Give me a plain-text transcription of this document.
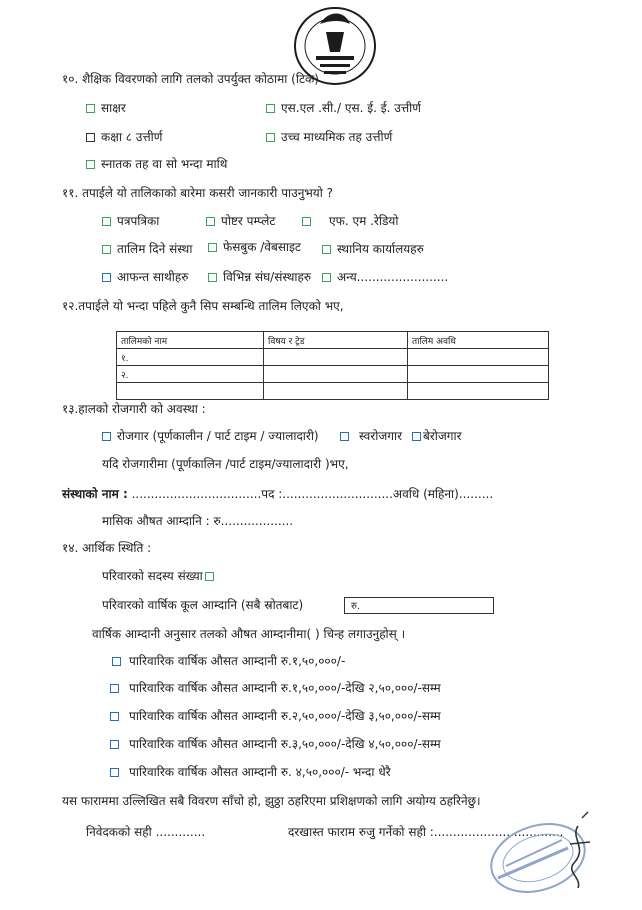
१०. शैक्षिक विवरणको लागि तलको उपर्युक्त कोठामा (टिक)
साक्षर	एस.एल .सी./ एस. ई. ई. उत्तीर्ण
कक्षा ८ उत्तीर्ण	उच्च माध्यमिक तह उत्तीर्ण
स्नातक तह वा सो भन्दा माथि
११. तपाईले यो तालिकाको बारेमा कसरी जानकारी पाउनुभयो ?
पत्रपत्रिका	पोष्टर पम्प्लेट	एफ. एम .रेडियो
तालिम दिने संस्था	फेसबुक /वेबसाइट	स्थानिय कार्यालयहरु
आफन्त साथीहरु	विभिन्न संघ/संस्थाहरु	अन्य........................
१२.तपाईले यो भन्दा पहिले कुनै सिप सम्बन्धि तालिम लिएको भए,
तालिमको नाम	विषय र ट्रेड	तालिम अवधि
१.		
२.		

१३.हालको रोजगारी को अवस्था :
रोजगार (पूर्णकालीन / पार्ट टाइम / ज्यालादारी)	स्वरोजगार	बेरोजगार
यदि रोजगारीमा (पूर्णकालिन /पार्ट टाइम/ज्यालादारी )भए,
संस्थाको नाम : ..................................पद :.............................अवधि (महिना).........
मासिक औषत आम्दानि : रु...................
१४. आर्थिक स्थिति :
परिवारको सदस्य संख्या
परिवारको वार्षिक कूल आम्दानि (सबै स्रोतबाट)	रु.
वार्षिक आम्दानी अनुसार तलको औषत आम्दानीमा( ) चिन्ह लगाउनुहोस् ।
पारिवारिक वार्षिक औसत आम्दानी रु.१,५०,०००/-
पारिवारिक वार्षिक औसत आम्दानी रु.१,५०,०००/-देखि २,५०,०००/-सम्म
पारिवारिक वार्षिक औसत आम्दानी रु.२,५०,०००/-देखि ३,५०,०००/-सम्म
पारिवारिक वार्षिक औसत आम्दानी रु.३,५०,०००/-देखि ४,५०,०००/-सम्म
पारिवारिक वार्षिक औसत आम्दानी रु. ४,५०,०००/- भन्दा धेरै
यस फाराममा उल्लिखित सबै विवरण साँचो हो, झुठ्ठा ठहरिएमा प्रशिक्षणको लागि अयोग्य ठहरिनेछु।
निवेदकको सही .............	दरखास्त फाराम रुजु गर्नेको सही :..................................
